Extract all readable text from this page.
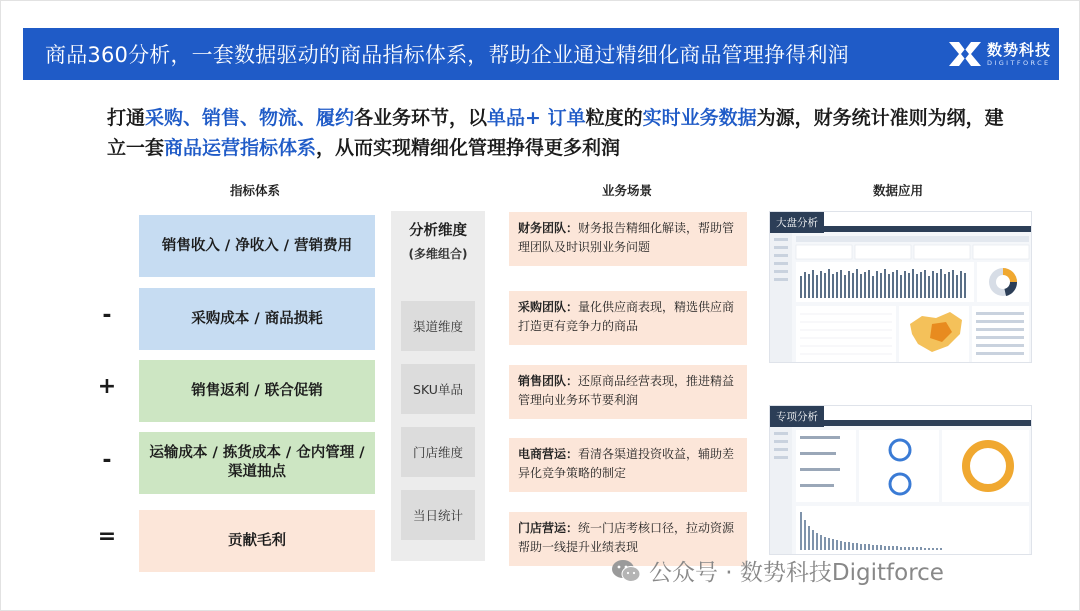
商品360分析，一套数据驱动的商品指标体系，帮助企业通过精细化商品管理挣得利润	数势科技
DIGITFORCE
打通采购、销售、物流、履约各业务环节，以单品+ 订单粒度的实时业务数据为源，财务统计准则为纲，建立一套商品运营指标体系，从而实现精细化管理挣得更多利润
指标体系	业务场景	数据应用
销售收入 / 净收入 / 营销费用
-	采购成本 / 商品损耗
+	销售返利 / 联合促销
-	运输成本 / 拣货成本 / 仓内管理 / 渠道抽点
=	贡献毛利
分析维度
(多维组合)
渠道维度
SKU单品
门店维度
当日统计
财务团队：财务报告精细化解读，帮助管理团队及时识别业务问题
采购团队：量化供应商表现，精选供应商打造更有竞争力的商品
销售团队：还原商品经营表现，推进精益管理向业务环节要利润
电商营运：看清各渠道投资收益，辅助差异化竞争策略的制定
门店营运：统一门店考核口径，拉动资源帮助一线提升业绩表现
大盘分析
专项分析
公众号 · 数势科技Digitforce
